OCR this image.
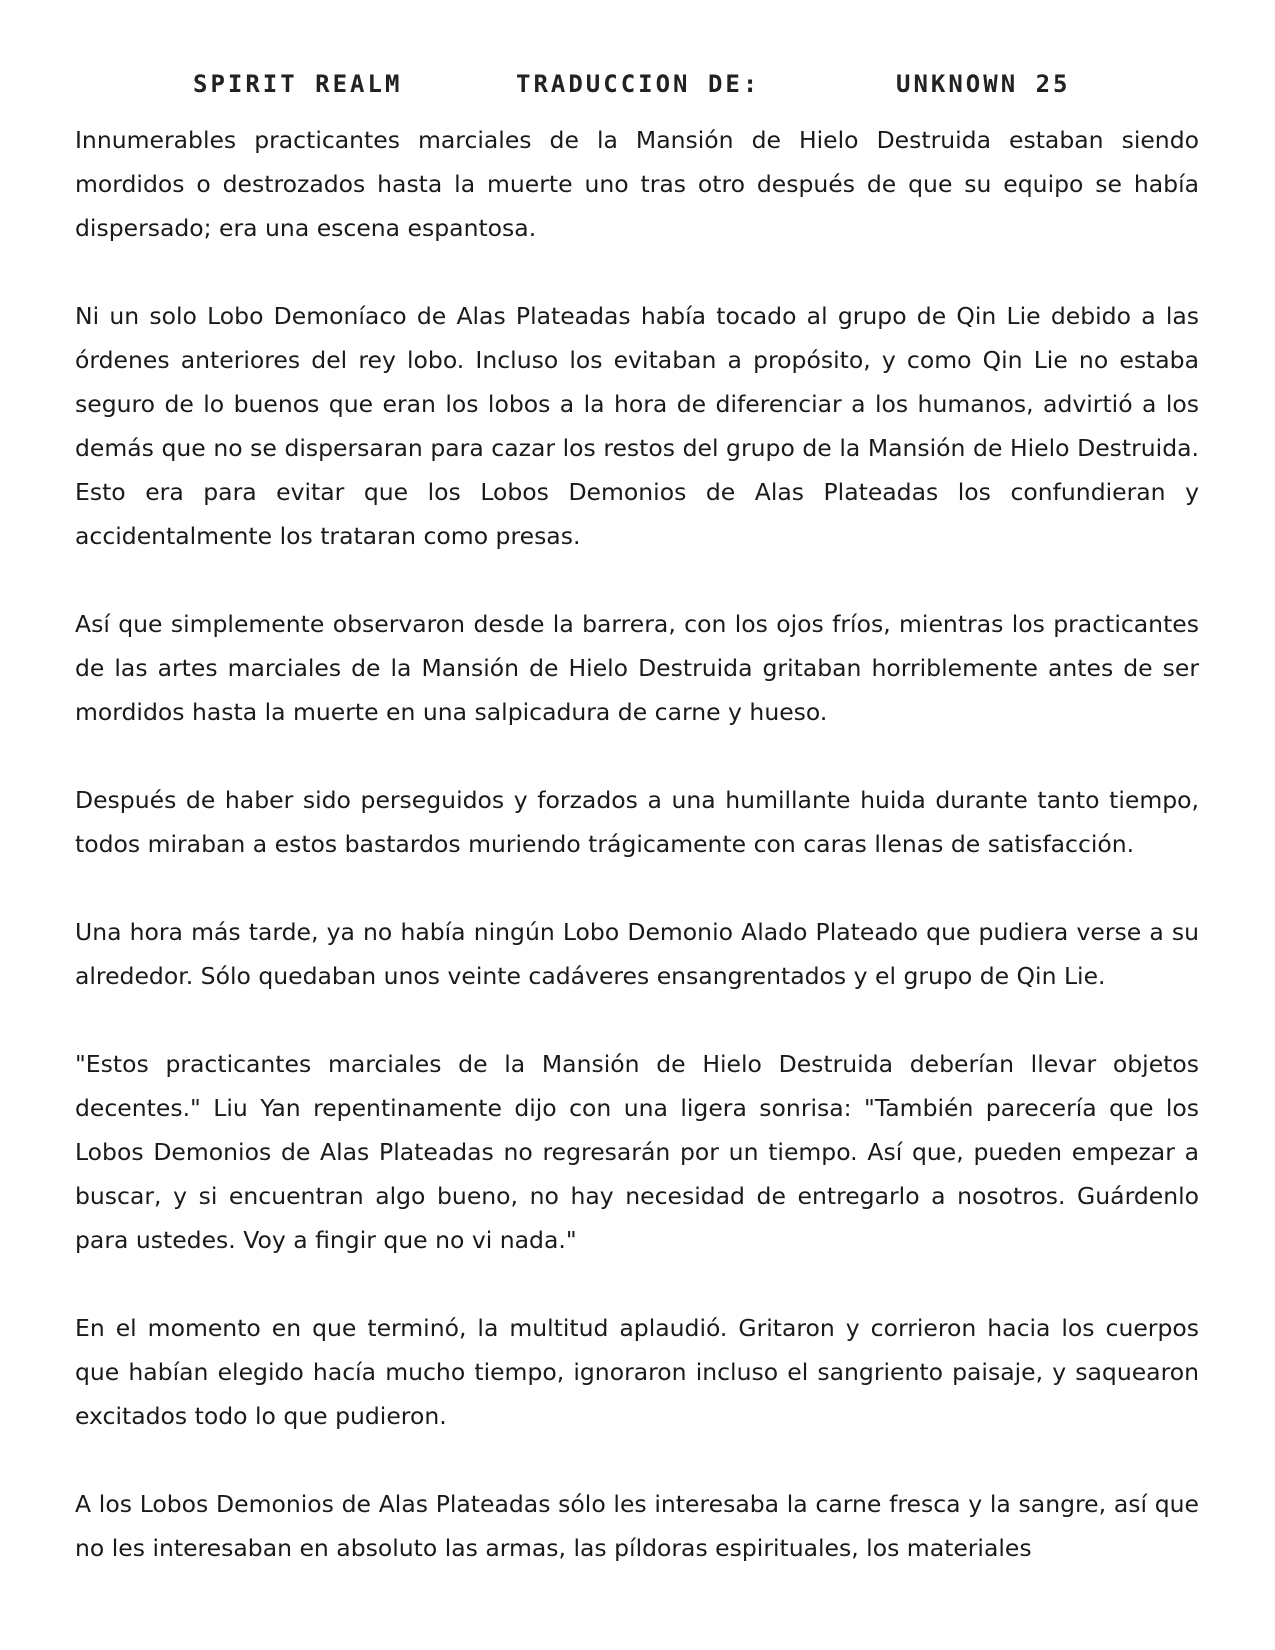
SPIRIT REALM	TRADUCCION DE:	UNKNOWN 25

Innumerables practicantes marciales de la Mansión de Hielo Destruida estaban siendo mordidos o destrozados hasta la muerte uno tras otro después de que su equipo se había dispersado; era una escena espantosa.

Ni un solo Lobo Demoníaco de Alas Plateadas había tocado al grupo de Qin Lie debido a las órdenes anteriores del rey lobo. Incluso los evitaban a propósito, y como Qin Lie no estaba seguro de lo buenos que eran los lobos a la hora de diferenciar a los humanos, advirtió a los demás que no se dispersaran para cazar los restos del grupo de la Mansión de Hielo Destruida. Esto era para evitar que los Lobos Demonios de Alas Plateadas los confundieran y accidentalmente los trataran como presas.

Así que simplemente observaron desde la barrera, con los ojos fríos, mientras los practicantes de las artes marciales de la Mansión de Hielo Destruida gritaban horriblemente antes de ser mordidos hasta la muerte en una salpicadura de carne y hueso.

Después de haber sido perseguidos y forzados a una humillante huida durante tanto tiempo, todos miraban a estos bastardos muriendo trágicamente con caras llenas de satisfacción.

Una hora más tarde, ya no había ningún Lobo Demonio Alado Plateado que pudiera verse a su alrededor. Sólo quedaban unos veinte cadáveres ensangrentados y el grupo de Qin Lie.

"Estos practicantes marciales de la Mansión de Hielo Destruida deberían llevar objetos decentes." Liu Yan repentinamente dijo con una ligera sonrisa: "También parecería que los Lobos Demonios de Alas Plateadas no regresarán por un tiempo. Así que, pueden empezar a buscar, y si encuentran algo bueno, no hay necesidad de entregarlo a nosotros. Guárdenlo para ustedes. Voy a fingir que no vi nada."

En el momento en que terminó, la multitud aplaudió. Gritaron y corrieron hacia los cuerpos que habían elegido hacía mucho tiempo, ignoraron incluso el sangriento paisaje, y saquearon excitados todo lo que pudieron.

A los Lobos Demonios de Alas Plateadas sólo les interesaba la carne fresca y la sangre, así que no les interesaban en absoluto las armas, las píldoras espirituales, los materiales
